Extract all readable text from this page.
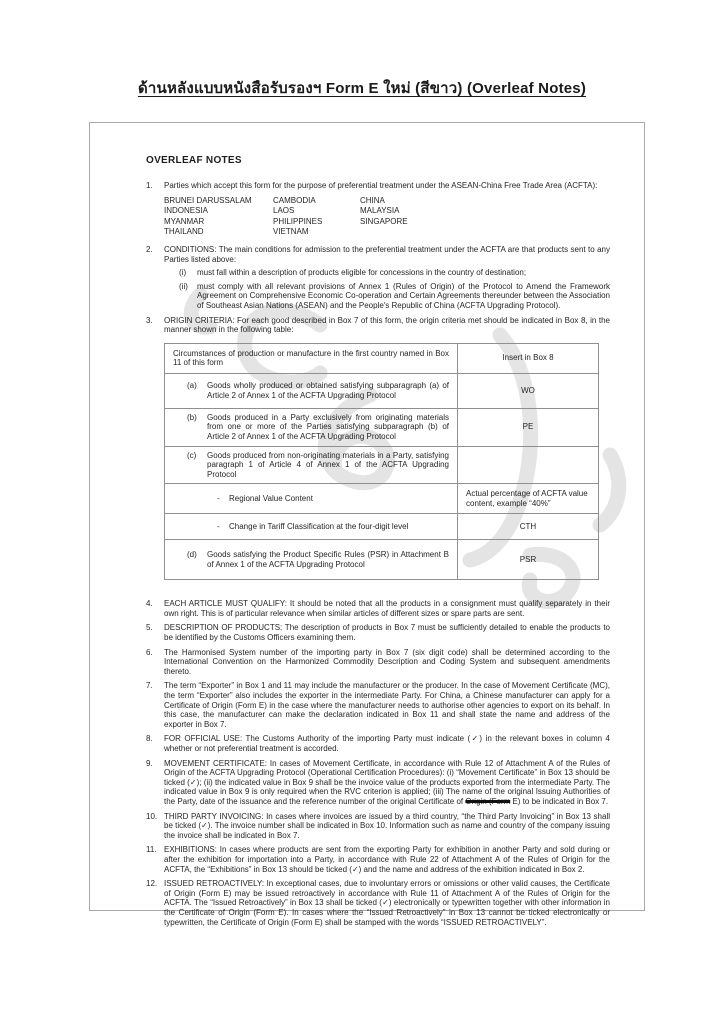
ด้านหลังแบบหนังสือรับรองฯ Form E ใหม่ (สีขาว) (Overleaf Notes)
OVERLEAF NOTES
1.	Parties which accept this form for the purpose of preferential treatment under the ASEAN-China Free Trade Area (ACFTA):
BRUNEI DARUSSALAM
INDONESIA
MYANMAR
THAILAND
CAMBODIA
LAOS
PHILIPPINES
VIETNAM
CHINA
MALAYSIA
SINGAPORE
2.	CONDITIONS: The main conditions for admission to the preferential treatment under the ACFTA are that products sent to any Parties listed above:
(i)	must fall within a description of products eligible for concessions in the country of destination;
(ii)	must comply with all relevant provisions of Annex 1 (Rules of Origin) of the Protocol to Amend the Framework Agreement on Comprehensive Economic Co-operation and Certain Agreements thereunder between the Association of Southeast Asian Nations (ASEAN) and the People's Republic of China (ACFTA Upgrading Protocol).
3.	ORIGIN CRITERIA: For each good described in Box 7 of this form, the origin criteria met should be indicated in Box 8, in the manner shown in the following table:
Circumstances of production or manufacture in the first country named in Box 11 of this form	Insert in Box 8

(a) Goods wholly produced or obtained satisfying subparagraph (a) of Article 2 of Annex 1 of the ACFTA Upgrading Protocol	WO

(b) Goods produced in a Party exclusively from originating materials from one or more of the Parties satisfying subparagraph (b) of Article 2 of Annex 1 of the ACFTA Upgrading Protocol	PE

(c) Goods produced from non-originating materials in a Party, satisfying paragraph 1 of Article 4 of Annex 1 of the ACFTA Upgrading Protocol	

- Regional Value Content	Actual percentage of ACFTA value content, example “40%”

- Change in Tariff Classification at the four-digit level	CTH

(d) Goods satisfying the Product Specific Rules (PSR) in Attachment B of Annex 1 of the ACFTA Upgrading Protocol	PSR
4.	EACH ARTICLE MUST QUALIFY: It should be noted that all the products in a consignment must qualify separately in their own right. This is of particular relevance when similar articles of different sizes or spare parts are sent.
5.	DESCRIPTION OF PRODUCTS: The description of products in Box 7 must be sufficiently detailed to enable the products to be identified by the Customs Officers examining them.
6.	The Harmonised System number of the importing party in Box 7 (six digit code) shall be determined according to the International Convention on the Harmonized Commodity Description and Coding System and subsequent amendments thereto.
7.	The term “Exporter” in Box 1 and 11 may include the manufacturer or the producer. In the case of Movement Certificate (MC), the term “Exporter” also includes the exporter in the intermediate Party. For China, a Chinese manufacturer can apply for a Certificate of Origin (Form E) in the case where the manufacturer needs to authorise other agencies to export on its behalf. In this case, the manufacturer can make the declaration indicated in Box 11 and shall state the name and address of the exporter in Box 7.
8.	FOR OFFICIAL USE: The Customs Authority of the importing Party must indicate (✓) in the relevant boxes in column 4 whether or not preferential treatment is accorded.
9.	MOVEMENT CERTIFICATE: In cases of Movement Certificate, in accordance with Rule 12 of Attachment A of the Rules of Origin of the ACFTA Upgrading Protocol (Operational Certification Procedures): (i) “Movement Certificate” in Box 13 should be ticked (✓); (ii) the indicated value in Box 9 shall be the invoice value of the products exported from the intermediate Party. The indicated value in Box 9 is only required when the RVC criterion is applied; (iii) The name of the original Issuing Authorities of the Party, date of the issuance and the reference number of the original Certificate of Origin (Form E) to be indicated in Box 7.
10. THIRD PARTY INVOICING: In cases where invoices are issued by a third country, “the Third Party Invoicing” in Box 13 shall be ticked (✓). The invoice number shall be indicated in Box 10. Information such as name and country of the company issuing the invoice shall be indicated in Box 7.
11. EXHIBITIONS: In cases where products are sent from the exporting Party for exhibition in another Party and sold during or after the exhibition for importation into a Party, in accordance with Rule 22 of Attachment A of the Rules of Origin for the ACFTA, the “Exhibitions” in Box 13 should be ticked (✓) and the name and address of the exhibition indicated in Box 2.
12. ISSUED RETROACTIVELY: In exceptional cases, due to involuntary errors or omissions or other valid causes, the Certificate of Origin (Form E) may be issued retroactively in accordance with Rule 11 of Attachment A of the Rules of Origin for the ACFTA. The “Issued Retroactively” in Box 13 shall be ticked (✓) electronically or typewritten together with other information in the Certificate of Origin (Form E). In cases where the “Issued Retroactively” in Box 13 cannot be ticked electronically or typewritten, the Certificate of Origin (Form E) shall be stamped with the words “ISSUED RETROACTIVELY”.
